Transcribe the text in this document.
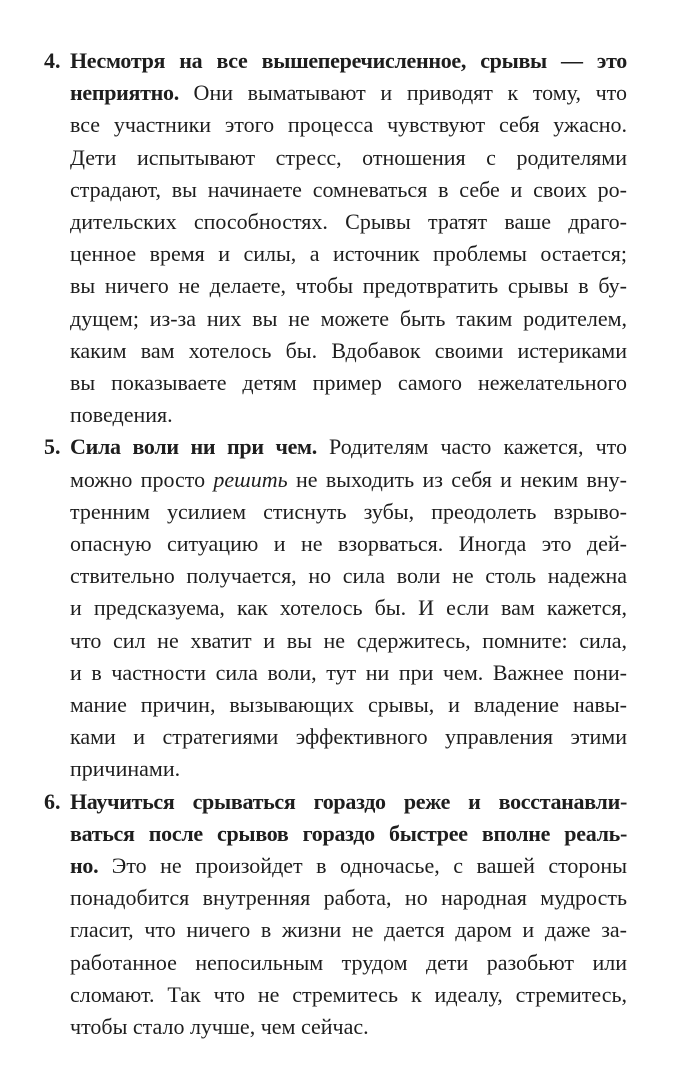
4. Несмотря на все вышеперечисленное, срывы — это
неприятно. Они выматывают и приводят к тому, что
все участники этого процесса чувствуют себя ужасно.
Дети испытывают стресс, отношения с родителями
страдают, вы начинаете сомневаться в себе и своих ро-
дительских способностях. Срывы тратят ваше драго-
ценное время и силы, а источник проблемы остается;
вы ничего не делаете, чтобы предотвратить срывы в бу-
дущем; из-за них вы не можете быть таким родителем,
каким вам хотелось бы. Вдобавок своими истериками
вы показываете детям пример самого нежелательного
поведения.
5. Сила воли ни при чем. Родителям часто кажется, что
можно просто решить не выходить из себя и неким вну-
тренним усилием стиснуть зубы, преодолеть взрыво-
опасную ситуацию и не взорваться. Иногда это дей-
ствительно получается, но сила воли не столь надежна
и предсказуема, как хотелось бы. И если вам кажется,
что сил не хватит и вы не сдержитесь, помните: сила,
и в частности сила воли, тут ни при чем. Важнее пони-
мание причин, вызывающих срывы, и владение навы-
ками и стратегиями эффективного управления этими
причинами.
6. Научиться срываться гораздо реже и восстанавли-
ваться после срывов гораздо быстрее вполне реаль-
но. Это не произойдет в одночасье, с вашей стороны
понадобится внутренняя работа, но народная мудрость
гласит, что ничего в жизни не дается даром и даже за-
работанное непосильным трудом дети разобьют или
сломают. Так что не стремитесь к идеалу, стремитесь,
чтобы стало лучше, чем сейчас.
